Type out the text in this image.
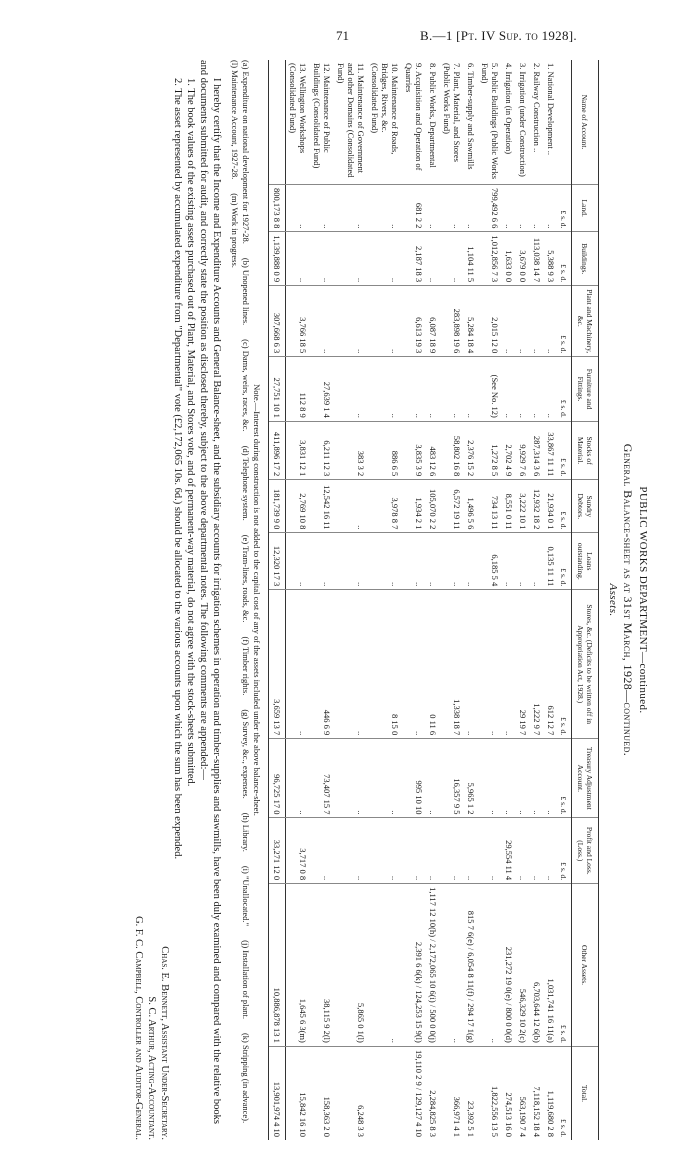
71	B.—1 [Pt. IV Sup. to 1928].
PUBLIC WORKS DEPARTMENT—continued.
General Balance-sheet as at 31st March, 1928—continued.
Assets.
Name of Account.	Land.	Buildings.	Plant and Machinery, &c.	Furniture and Fittings.	Stocks of Material.	Sundry Debtors.	Loans outstanding.	Stores, &c. (Deficits to be written off in Appropriation Act, 1928.)	Treasury Adjustment Account.	Profit and Loss. (Loss.)	Other Assets.	Total.
	£ s. d.	£ s. d.	£ s. d.	£ s. d.	£ s. d.	£ s. d.	£ s. d.	£ s. d.	£ s. d.	£ s. d.	£ s. d.	£ s. d.
1. National Development ..	..	5,388 9 3	..	..	33,867 11 11	21,934 0 1	0,135 11 11	612 12 7	..	..	1,031,741 16 11(a)	1,119,680 2 8
2. Railway Construction ..	..	113,038 14 7	..	..	287,314 3 6	12,932 18 2	..	1,222 9 7	..	..	6,703,644 12 6(b)	7,118,152 18 4
3. Irrigation (under Construction)	..	3,679 0 0	..	..	9,929 7 6	3,222 10 1	..	29 19 7	..	..	546,329 10 2(c)	563,190 7 4
4. Irrigation (in Operation)	..	1,633 0 0	..	..	2,702 4 9	8,551 0 11	..	..	..	29,554 11 4	231,272 19 0(e) / 800 0 0(d)	274,513 16 0
5. Public Buildings (Public Works Fund)	799,492 6 6	1,012,856 7 3	2,015 12 0	(See No. 12)	1,272 8 5	734 13 11	6,185 5 4	..	..	..	..	1,822,556 13 5
6. Timber-supply and Sawmills	..	1,104 11 5	5,284 18 4	..	2,376 15 2	1,496 5 6	..	..	5,965 1 2	..	815 7 6(e) / 6,054 8 11(f) / 294 17 1(g)	23,392 5 1
7. Plant, Material, and Stores (Public Works Fund)	..	..	283,898 19 6	..	58,802 16 8	6,572 19 11	..	1,338 18 7	16,357 9 5	..	..	366,971 4 1
8. Public Works, Departmental	..	..	6,087 18 9	..	483 12 6	105,070 2 2	..	0 11 6	..	..	1,117 12 10(h) / 2,172,065 10 6(i) / 500 0 0(j)	2,284,825 8 3
9. Acquisition and Operation of Quarries	681 2 2	2,187 18 3	6,613 19 3	..	3,835 3 9	1,934 2 1	..	..	995 10 10	..	2,391 6 6(k) / 124,253 15 9(l)	19,110 2 9 / 129,127 4 10
10. Maintenance of Roads, Bridges, Rivers, &c. (Consolidated Fund)	..	..	..	..	886 6 5	3,978 8 7	..	8 15 0	..	..	..	
11. Maintenance of Government and other Domains (Consolidated Fund)	..	..	..	..	383 3 2	..	..	..	..	..	5,865 0 1(l)	6,248 3 3
12. Maintenance of Public Buildings (Consolidated Fund)	..	..	..	27,639 1 4	6,211 12 3	12,542 16 11	..	446 6 9	73,407 15 7	..	38,115 9 2(l)	158,363 2 0
13. Wellington Workshops (Consolidated Fund)	..	..	3,766 18 5	112 8 9	3,831 12 1	2,769 10 8	..	..	..	3,717 0 8	1,645 6 3(m)	15,842 16 10
	800,173 8 8	1,139,888 0 9	307,668 6 3	27,751 10 1	411,896 17 2	181,739 9 0	12,320 17 3	3,659 13 7	96,725 17 0	33,271 12 0	10,886,878 13 1	13,901,974 4 10
Note.—Interest during construction is not added to the capital cost of any of the assets included under the above balance-sheet.
(a) Expenditure on national development for 1927-28.
(b) Unopened lines.
(c) Dams, weirs, races, &c.
(d) Telephone system.
(e) Tram-lines, roads, &c.
(f) Timber rights.
(g) Survey, &c., expenses.
(h) Library.
(i) "Unallocated."
(j) Installation of plant.
(k) Stripping (in advance).
(l) Maintenance Account, 1927-28.
(m) Work in progress.

I hereby certify that the Income and Expenditure Accounts and General Balance-sheet, and the subsidiary accounts for irrigation schemes in operation and timber-supplies and sawmills, have been duly examined and compared with the relative books and documents submitted for audit, and correctly state the position as disclosed thereby, subject to the above departmental notes. The following comments are appended:—

1. The book values of the existing assets purchased out of Plant, Material, and Stores vote, and of permanent-way material, do not agree with the stock-sheets submitted.

2. The asset represented by accumulated expenditure from "Departmental" vote (£2,172,065 10s. 6d.) should be allocated to the various accounts upon which the sum has been expended.

Chas. E. Bennett, Assistant Under-Secretary.
S. C. Arthur, Acting-Accountant.
G. F. C. Campbell, Controller and Auditor-General.
